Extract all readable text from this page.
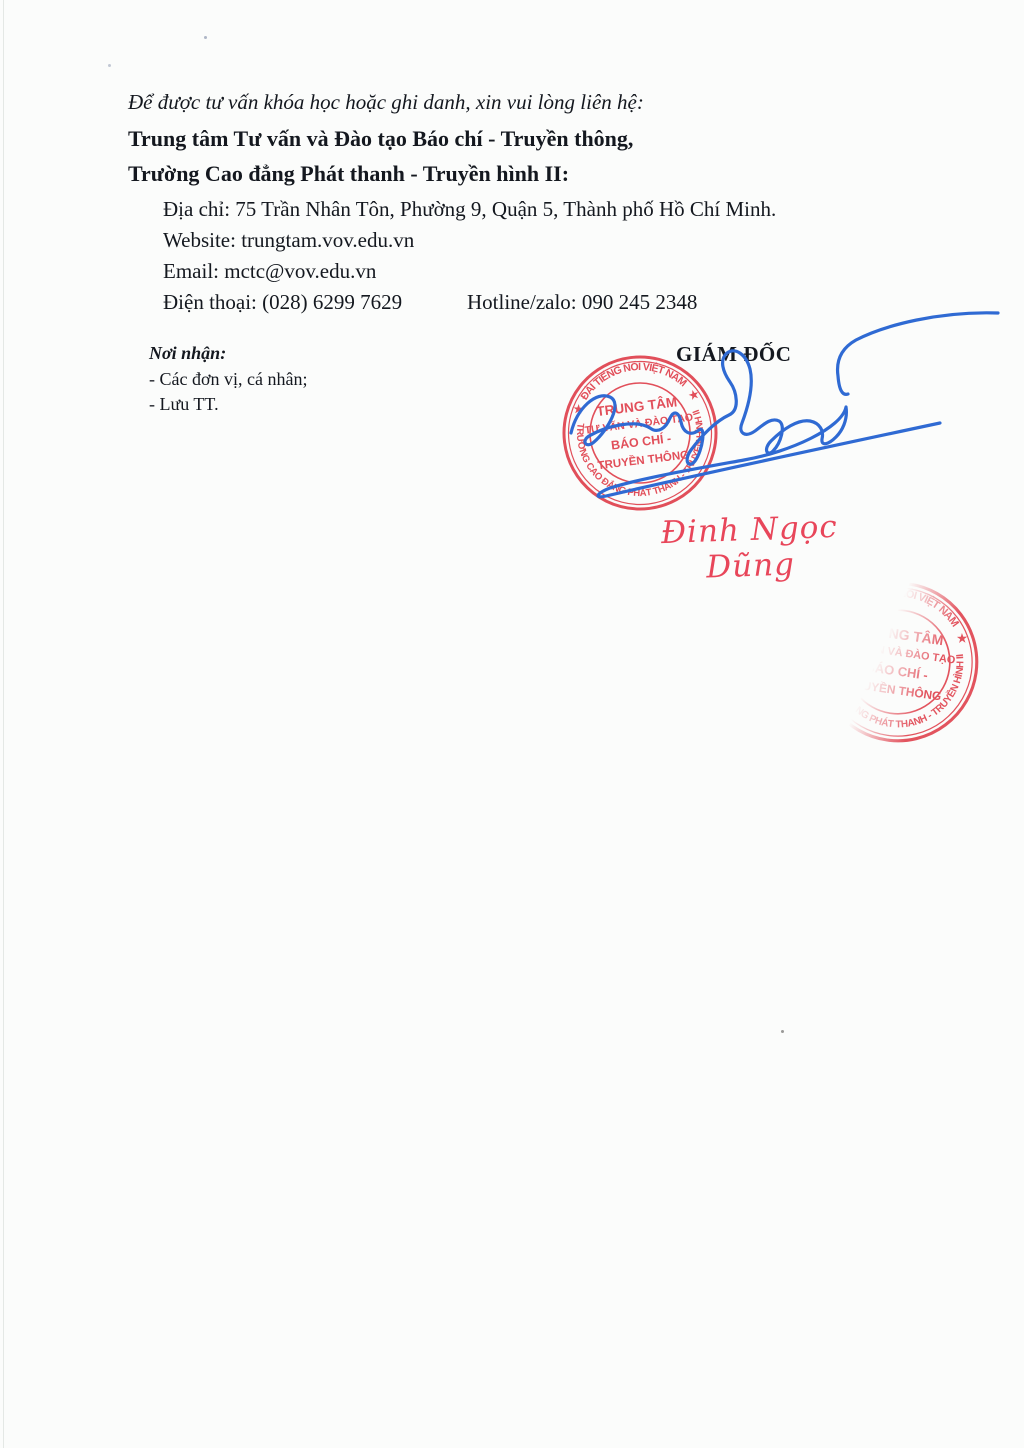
Để được tư vấn khóa học hoặc ghi danh, xin vui lòng liên hệ:
Trung tâm Tư vấn và Đào tạo Báo chí - Truyền thông,
Trường Cao đẳng Phát thanh - Truyền hình II:
Địa chỉ: 75 Trần Nhân Tôn, Phường 9, Quận 5, Thành phố Hồ Chí Minh.
Website: trungtam.vov.edu.vn
Email: mctc@vov.edu.vn
Điện thoại: (028) 6299 7629	Hotline/zalo: 090 245 2348
Nơi nhận:
- Các đơn vị, cá nhân;
- Lưu TT.
GIÁM ĐỐC
Đinh Ngọc Dũng
